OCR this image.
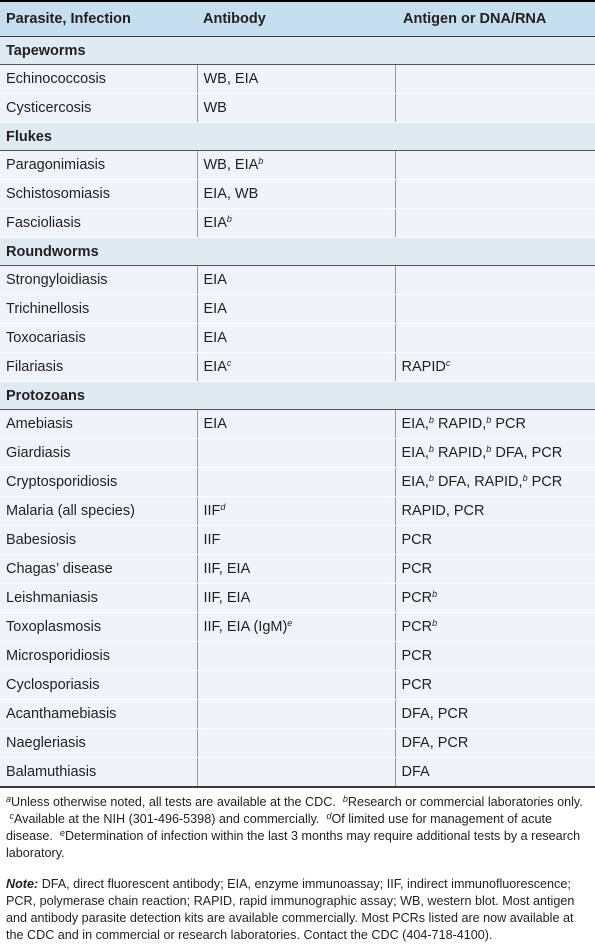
Parasite, Infection	Antibody	Antigen or DNA/RNA
Tapeworms		
Echinococcosis	WB, EIA	
Cysticercosis	WB	
Flukes		
Paragonimiasis	WB, EIA$^b$	
Schistosomiasis	EIA, WB	
Fascioliasis	EIA$^b$	
Roundworms		
Strongyloidiasis	EIA	
Trichinellosis	EIA	
Toxocariasis	EIA	
Filariasis	EIA$^c$	RAPID$^c$
Protozoans		
Amebiasis	EIA	EIA,$^b$ RAPID,$^b$ PCR
Giardiasis		EIA,$^b$ RAPID,$^b$ DFA, PCR
Cryptosporidiosis		EIA,$^b$ DFA, RAPID,$^b$ PCR
Malaria (all species)	IIF$^d$	RAPID, PCR
Babesiosis	IIF	PCR
Chagas’ disease	IIF, EIA	PCR
Leishmaniasis	IIF, EIA	PCR$^b$
Toxoplasmosis	IIF, EIA (IgM)$^e$	PCR$^b$
Microsporidiosis		PCR
Cyclosporiasis		PCR
Acanthamebiasis		DFA, PCR
Naegleriasis		DFA, PCR
Balamuthiasis		DFA
$^a$Unless otherwise noted, all tests are available at the CDC. $^b$Research or commercial laboratories only.  $^c$Available at the NIH (301-496-5398) and commercially. $^d$Of limited use for management of acute disease. $^e$Determination of infection within the last 3 months may require additional tests by a research laboratory.
Note: DFA, direct fluorescent antibody; EIA, enzyme immunoassay; IIF, indirect immunofluorescence; PCR, polymerase chain reaction; RAPID, rapid immunographic assay; WB, western blot. Most antigen and antibody parasite detection kits are available commercially. Most PCRs listed are now available at the CDC and in commercial or research laboratories. Contact the CDC (404-718-4100).
